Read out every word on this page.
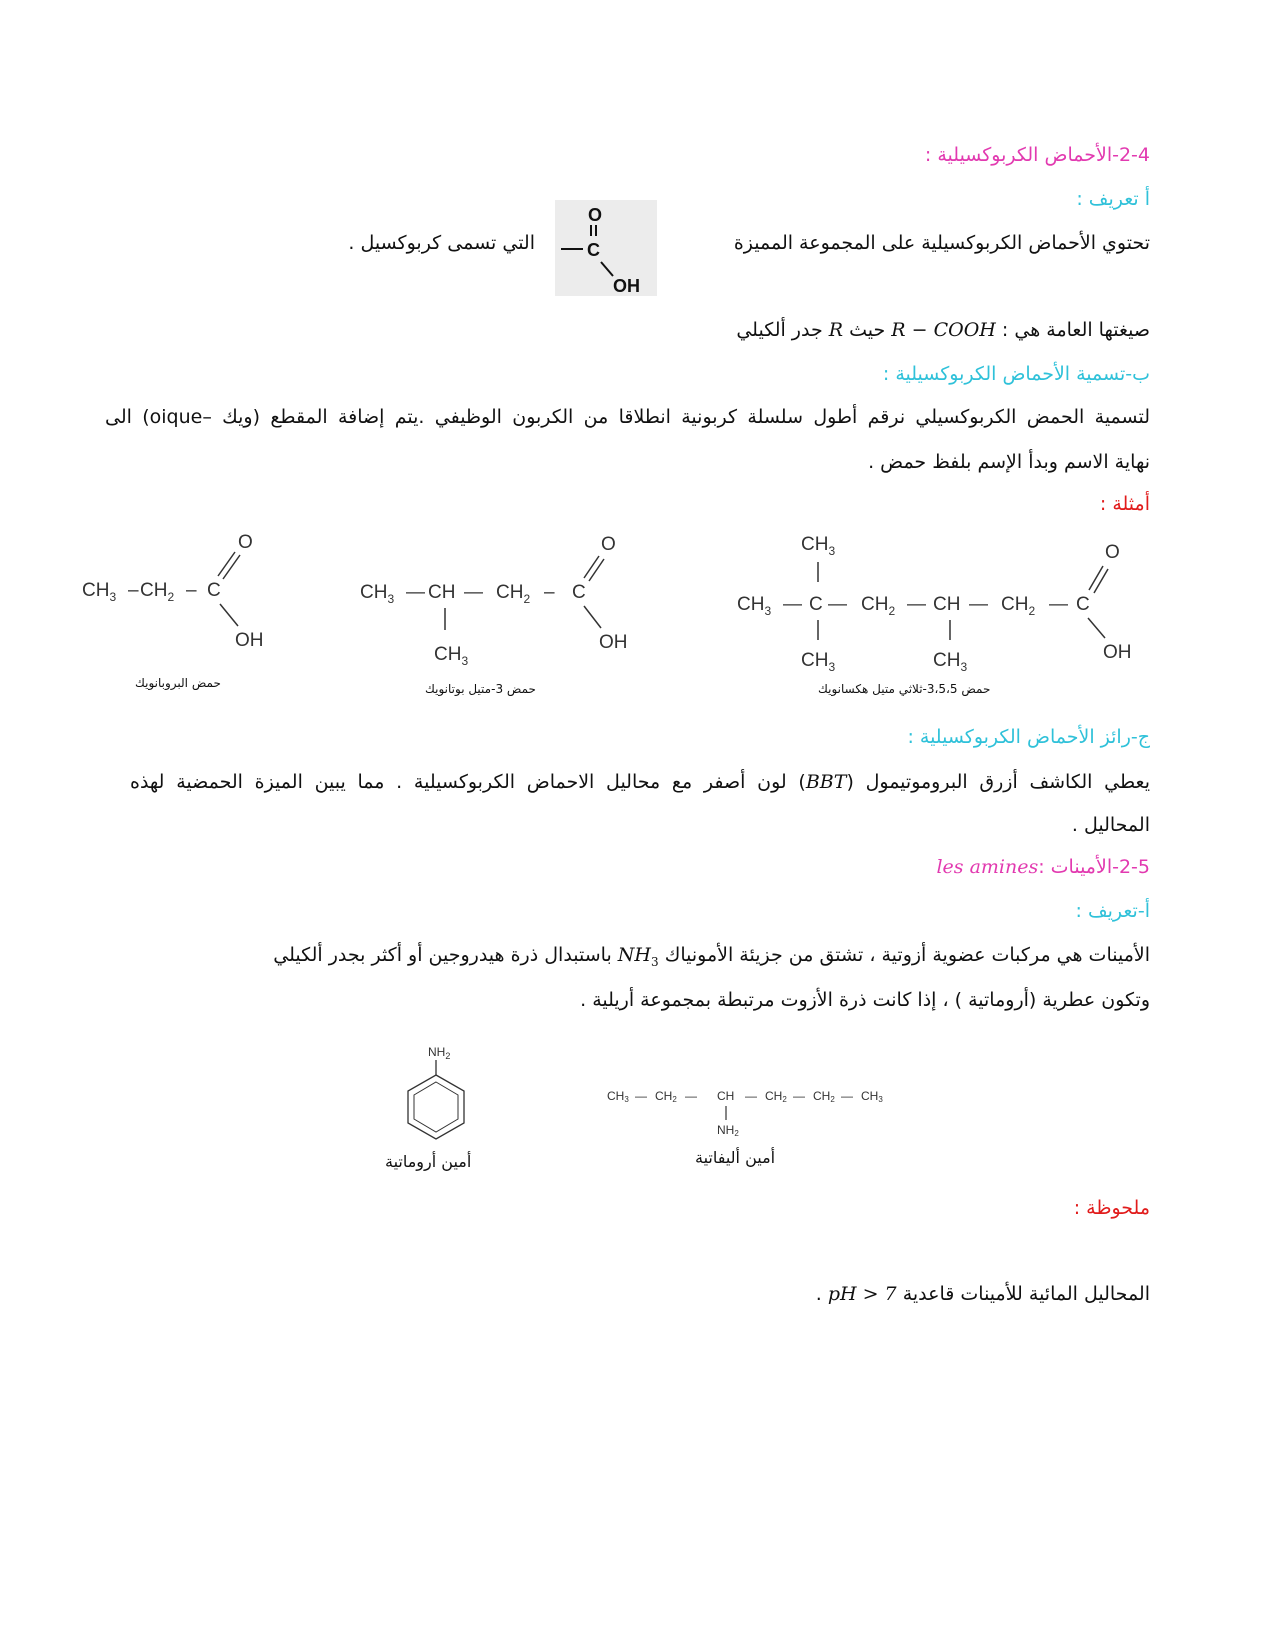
2-4-الأحماض الكربوكسيلية :
أ تعريف :
تحتوي الأحماض الكربوكسيلية على المجموعة المميزة
التي تسمى كربوكسيل .
O
C
OH
صيغتها العامة هي : R − COOH حيث R جدر ألكيلي
ب-تسمية الأحماض الكربوكسيلية :
لتسمية الحمض الكربوكسيلي نرقم أطول سلسلة كربونية انطلاقا من الكربون الوظيفي .يتم إضافة المقطع (ويك –oique) الى
نهاية الاسم وبدأ الإسم بلفظ حمض .
أمثلة :
$CH_3 - CH_2$ – C
O
OH
حمض البروبانويك
$CH_3$ — CH — $CH_2$ – C
O
OH
$CH_3$
حمض 3-متيل بوتانويك
$CH_3$
$CH_3$ — C — $CH_2$ — CH — $CH_2$ — C
O
OH
$CH_3$	$CH_3$
حمض 3،5،5-ثلاثي متيل هكسانويك
ج-رائز الأحماض الكربوكسيلية :
يعطي الكاشف أزرق البروموتيمول (BBT) لون أصفر مع محاليل الاحماض الكربوكسيلية . مما يبين الميزة الحمضية لهذه
المحاليل .
2-5-الأمينات :les amines
أ-تعريف :
الأمينات هي مركبات عضوية أزوتية ، تشتق من جزيئة الأمونياك $NH_3$ باستبدال ذرة هيدروجين أو أكثر بجدر ألكيلي
وتكون عطرية (أروماتية ) ، إذا كانت ذرة الأزوت مرتبطة بمجموعة أريلية .
$NH_2$
أمين أروماتية
CH3 — CH2 — CH — CH2 — CH2 — CH3
NH2
أمين أليفاتية
ملحوظة :
المحاليل المائية للأمينات قاعدية pH > 7 .
